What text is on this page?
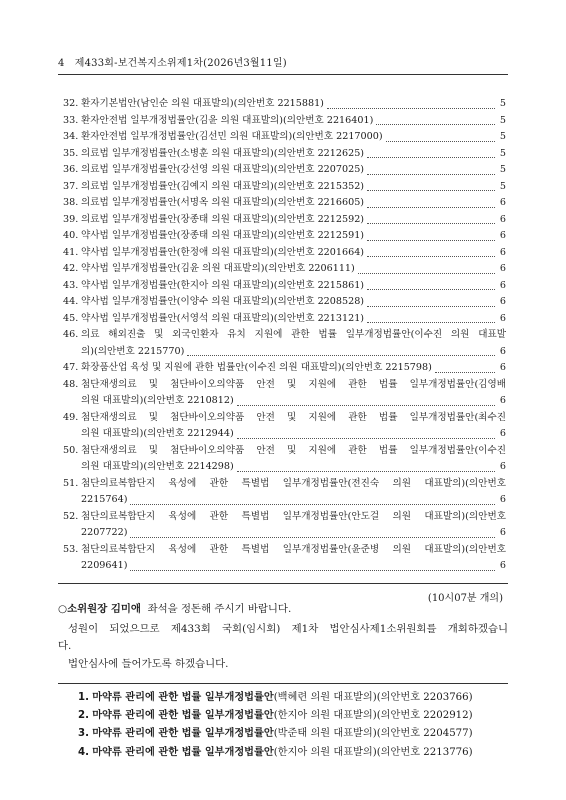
4 제433회-보건복지소위제1차(2026년3월11일)
32. 환자기본법안(남인순 의원 대표발의)(의안번호 2215881)	5
33. 환자안전법 일부개정법률안(김윤 의원 대표발의)(의안번호 2216401)	5
34. 환자안전법 일부개정법률안(김선민 의원 대표발의)(의안번호 2217000)	5
35. 의료법 일부개정법률안(소병훈 의원 대표발의)(의안번호 2212625)	5
36. 의료법 일부개정법률안(강선영 의원 대표발의)(의안번호 2207025)	5
37. 의료법 일부개정법률안(김예지 의원 대표발의)(의안번호 2215352)	5
38. 의료법 일부개정법률안(서명옥 의원 대표발의)(의안번호 2216605)	6
39. 의료법 일부개정법률안(장종태 의원 대표발의)(의안번호 2212592)	6
40. 약사법 일부개정법률안(장종태 의원 대표발의)(의안번호 2212591)	6
41. 약사법 일부개정법률안(한정애 의원 대표발의)(의안번호 2201664)	6
42. 약사법 일부개정법률안(김윤 의원 대표발의)(의안번호 2206111)	6
43. 약사법 일부개정법률안(한지아 의원 대표발의)(의안번호 2215861)	6
44. 약사법 일부개정법률안(이양수 의원 대표발의)(의안번호 2208528)	6
45. 약사법 일부개정법률안(서영석 의원 대표발의)(의안번호 2213121)	6
46. 의료 해외진출 및 외국인환자 유치 지원에 관한 법률 일부개정법률안(이수진 의원 대표발
의)(의안번호 2215770)	6
47. 화장품산업 육성 및 지원에 관한 법률안(이수진 의원 대표발의)(의안번호 2215798)	6
48. 첨단재생의료 및 첨단바이오의약품 안전 및 지원에 관한 법률 일부개정법률안(김영배
의원 대표발의)(의안번호 2210812)	6
49. 첨단재생의료 및 첨단바이오의약품 안전 및 지원에 관한 법률 일부개정법률안(최수진
의원 대표발의)(의안번호 2212944)	6
50. 첨단재생의료 및 첨단바이오의약품 안전 및 지원에 관한 법률 일부개정법률안(이수진
의원 대표발의)(의안번호 2214298)	6
51. 첨단의료복합단지 육성에 관한 특별법 일부개정법률안(전진숙 의원 대표발의)(의안번호
2215764)	6
52. 첨단의료복합단지 육성에 관한 특별법 일부개정법률안(안도걸 의원 대표발의)(의안번호
2207722)	6
53. 첨단의료복합단지 육성에 관한 특별법 일부개정법률안(윤준병 의원 대표발의)(의안번호
2209641)	6
(10시07분 개의)
○소위원장 김미애 좌석을 정돈해 주시기 바랍니다.
성원이 되었으므로 제433회 국회(임시회) 제1차 법안심사제1소위원회를 개회하겠습니
다.
법안심사에 들어가도록 하겠습니다.
1. 마약류 관리에 관한 법률 일부개정법률안(백혜련 의원 대표발의)(의안번호 2203766)
2. 마약류 관리에 관한 법률 일부개정법률안(한지아 의원 대표발의)(의안번호 2202912)
3. 마약류 관리에 관한 법률 일부개정법률안(박준태 의원 대표발의)(의안번호 2204577)
4. 마약류 관리에 관한 법률 일부개정법률안(한지아 의원 대표발의)(의안번호 2213776)
